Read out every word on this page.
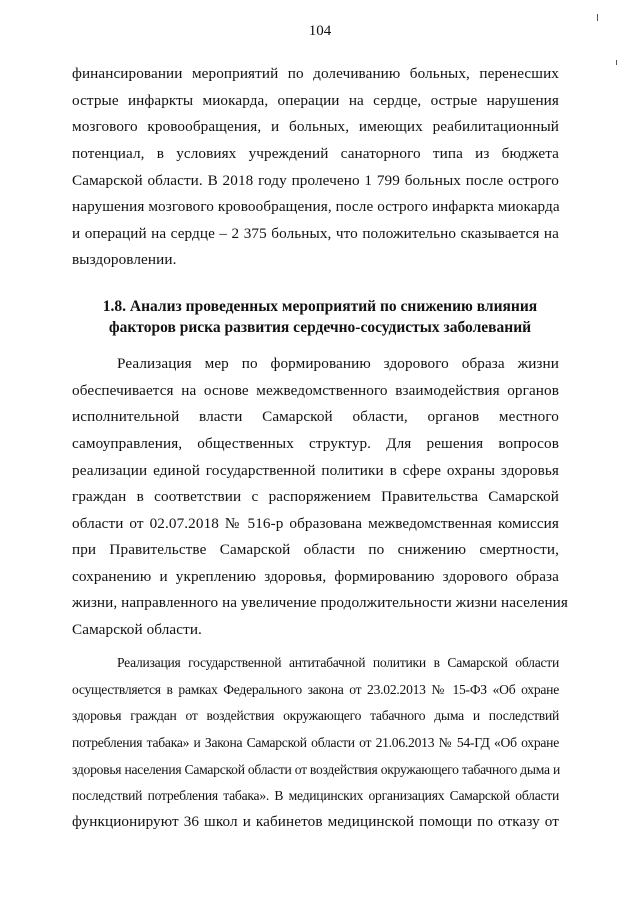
104
финансировании мероприятий по долечиванию больных, перенесших
острые инфаркты миокарда, операции на сердце, острые нарушения
мозгового кровообращения, и больных, имеющих реабилитационный
потенциал, в условиях учреждений санаторного типа из бюджета
Самарской области. В 2018 году пролечено 1 799 больных после острого
нарушения мозгового кровообращения, после острого инфаркта миокарда
и операций на сердце – 2 375 больных, что положительно сказывается на
выздоровлении.
1.8. Анализ проведенных мероприятий по снижению влияния
факторов риска развития сердечно-сосудистых заболеваний
Реализация мер по формированию здорового образа жизни
обеспечивается на основе межведомственного взаимодействия органов
исполнительной власти Самарской области, органов местного
самоуправления, общественных структур. Для решения вопросов
реализации единой государственной политики в сфере охраны здоровья
граждан в соответствии с распоряжением Правительства Самарской
области от 02.07.2018 № 516-р образована межведомственная комиссия
при Правительстве Самарской области по снижению смертности,
сохранению и укреплению здоровья, формированию здорового образа
жизни, направленного на увеличение продолжительности жизни населения
Самарской области.
Реализация государственной антитабачной политики в Самарской области
осуществляется в рамках Федерального закона от 23.02.2013 № 15-ФЗ «Об охране
здоровья граждан от воздействия окружающего табачного дыма и последствий
потребления табака» и Закона Самарской области от 21.06.2013 № 54-ГД «Об охране
здоровья населения Самарской области от воздействия окружающего табачного дыма и
последствий потребления табака». В медицинских организациях Самарской области
функционируют 36 школ и кабинетов медицинской помощи по отказу от
